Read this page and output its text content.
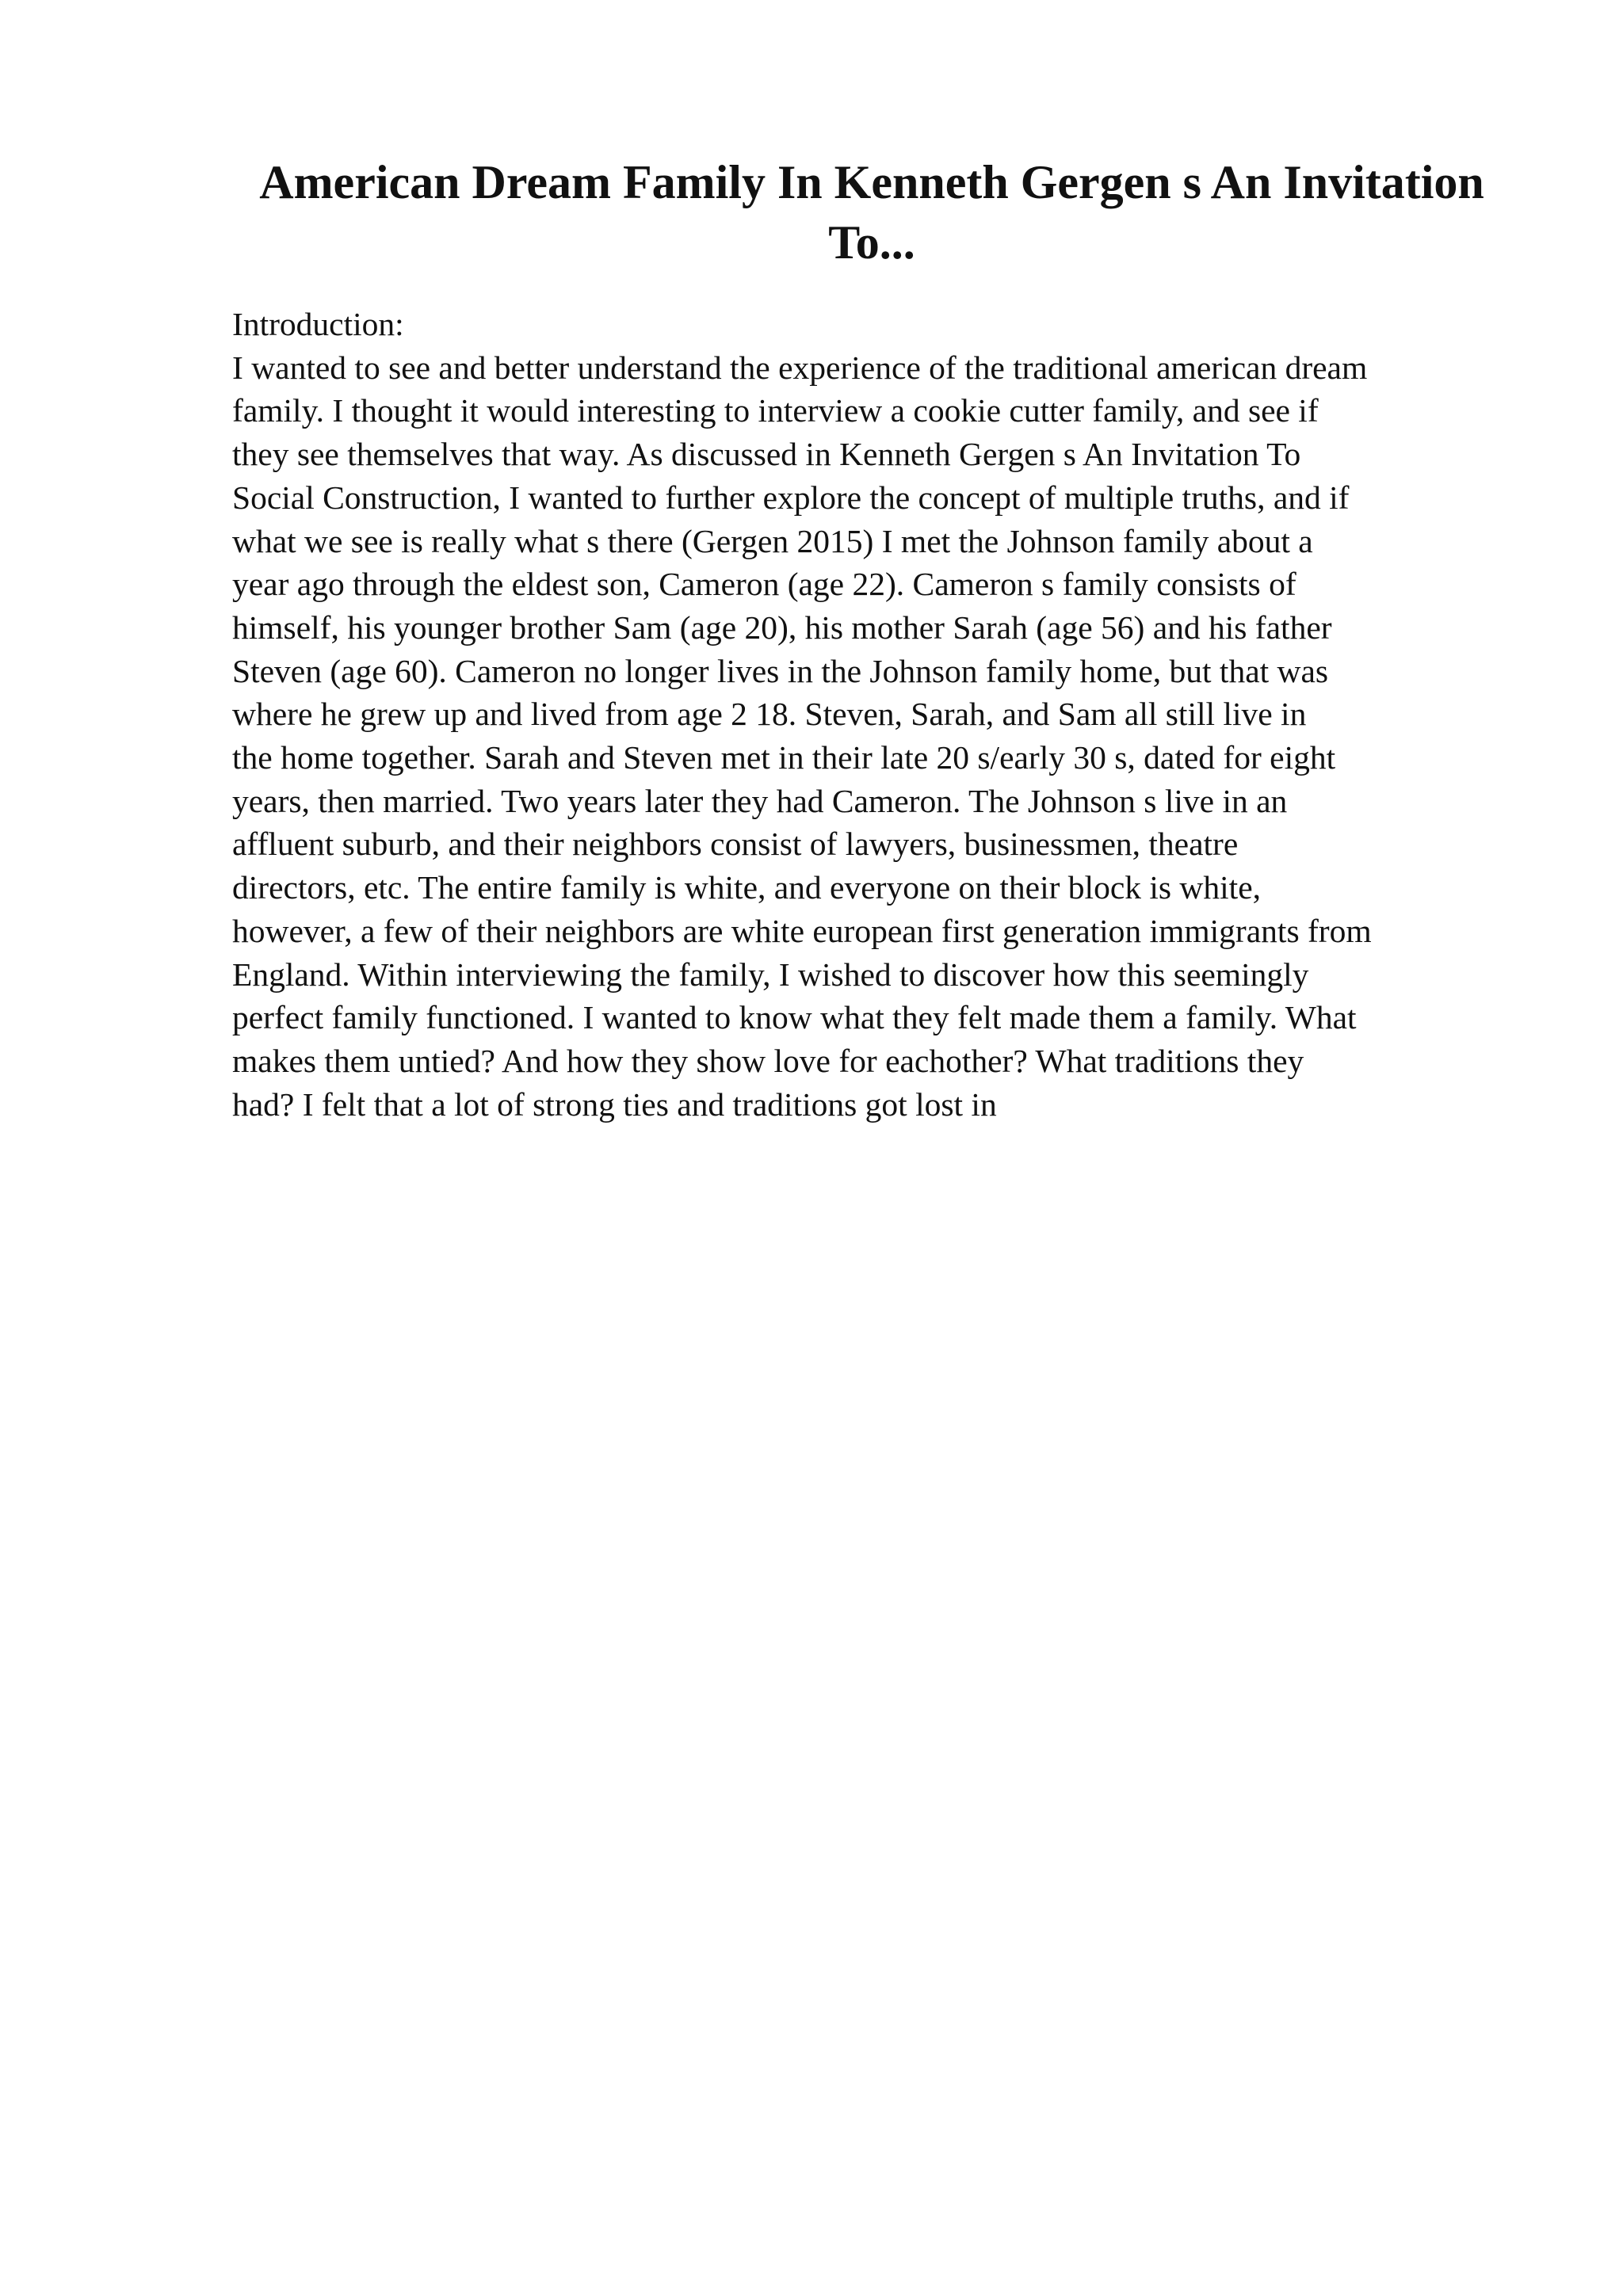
American Dream Family In Kenneth Gergen s An Invitation
To...
Introduction:
I wanted to see and better understand the experience of the traditional american dream
family. I thought it would interesting to interview a cookie cutter family, and see if
they see themselves that way. As discussed in Kenneth Gergen s An Invitation To
Social Construction, I wanted to further explore the concept of multiple truths, and if
what we see is really what s there (Gergen 2015) I met the Johnson family about a
year ago through the eldest son, Cameron (age 22). Cameron s family consists of
himself, his younger brother Sam (age 20), his mother Sarah (age 56) and his father
Steven (age 60). Cameron no longer lives in the Johnson family home, but that was
where he grew up and lived from age 2 18. Steven, Sarah, and Sam all still live in
the home together. Sarah and Steven met in their late 20 s/early 30 s, dated for eight
years, then married. Two years later they had Cameron. The Johnson s live in an
affluent suburb, and their neighbors consist of lawyers, businessmen, theatre
directors, etc. The entire family is white, and everyone on their block is white,
however, a few of their neighbors are white european first generation immigrants from
England. Within interviewing the family, I wished to discover how this seemingly
perfect family functioned. I wanted to know what they felt made them a family. What
makes them untied? And how they show love for eachother? What traditions they
had? I felt that a lot of strong ties and traditions got lost in
